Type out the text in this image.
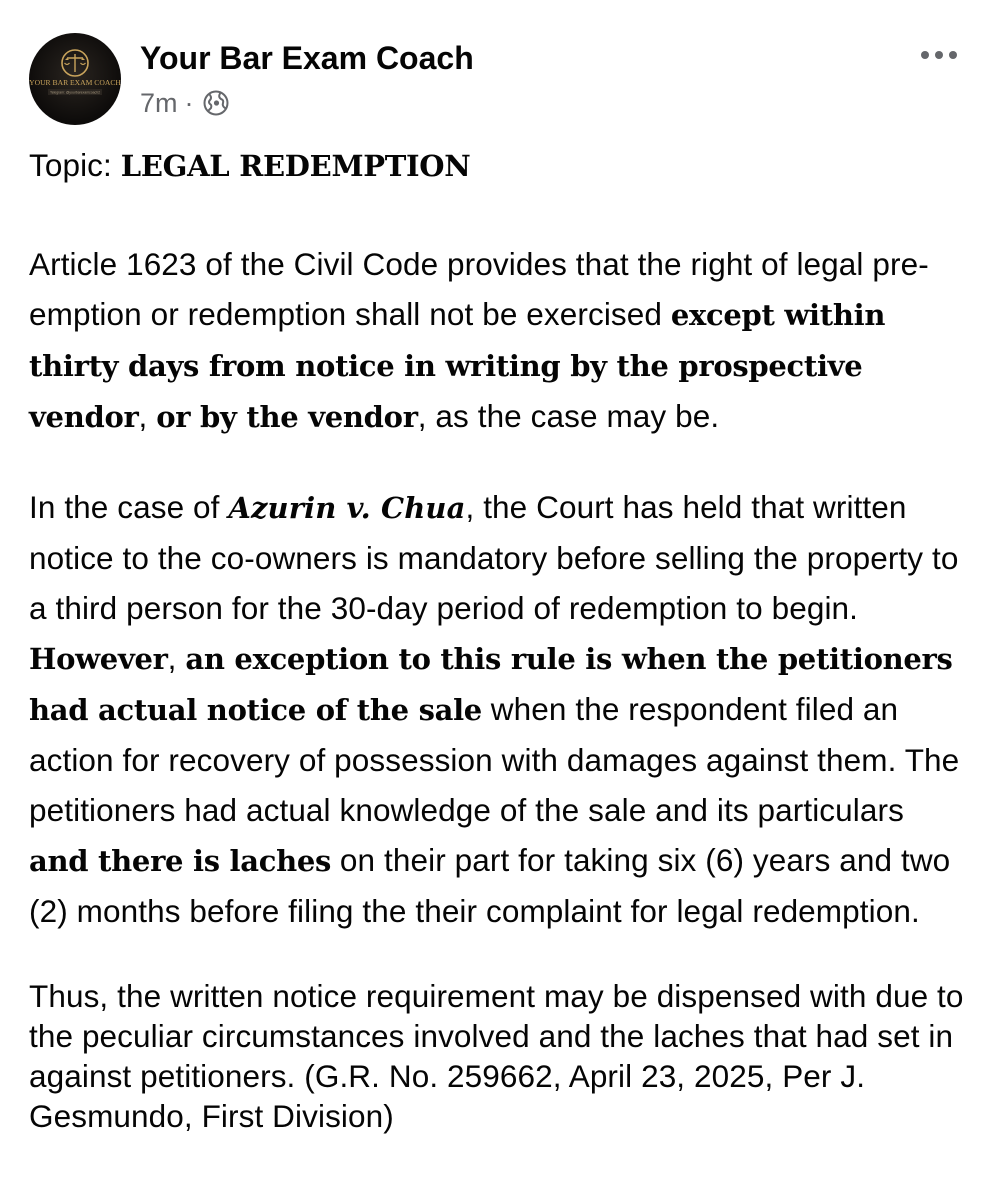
YOUR BAR EXAM COACH
Telegram: @yourbarexamcoach2
Your Bar Exam Coach
7m ·

Topic: LEGAL REDEMPTION

Article 1623 of the Civil Code provides that the right of legal pre-emption or redemption shall not be exercised except within thirty days from notice in writing by the prospective vendor, or by the vendor, as the case may be.

In the case of Azurin v. Chua, the Court has held that written notice to the co-owners is mandatory before selling the property to a third person for the 30-day period of redemption to begin. However, an exception to this rule is when the petitioners had actual notice of the sale when the respondent filed an action for recovery of possession with damages against them. The petitioners had actual knowledge of the sale and its particulars and there is laches on their part for taking six (6) years and two (2) months before filing the their complaint for legal redemption.

Thus, the written notice requirement may be dispensed with due to the peculiar circumstances involved and the laches that had set in against petitioners. (G.R. No. 259662, April 23, 2025, Per J. Gesmundo, First Division)
